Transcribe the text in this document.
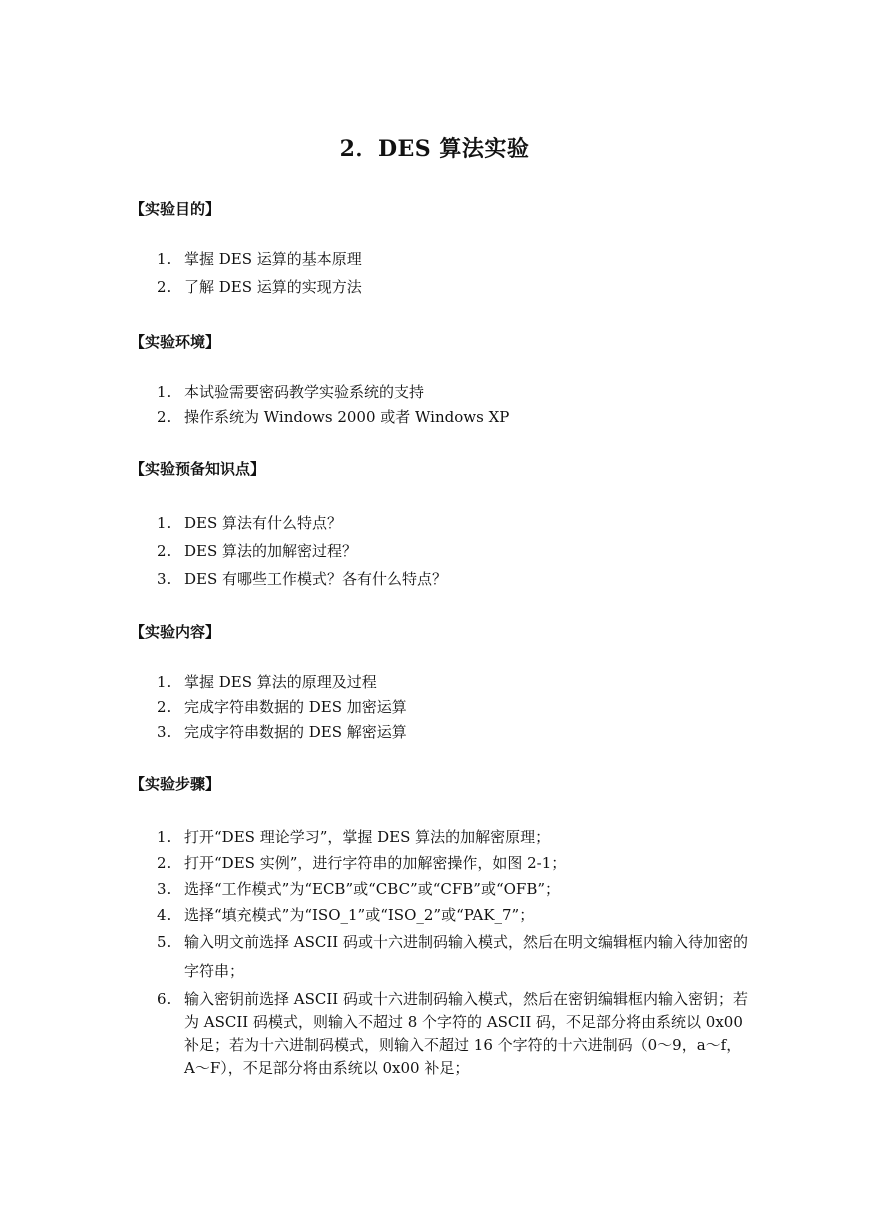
2．DES 算法实验
【实验目的】
1. 掌握 DES 运算的基本原理
2. 了解 DES 运算的实现方法
【实验环境】
1. 本试验需要密码教学实验系统的支持
2. 操作系统为 Windows 2000 或者 Windows XP
【实验预备知识点】
1. DES 算法有什么特点？
2. DES 算法的加解密过程？
3. DES 有哪些工作模式？各有什么特点？
【实验内容】
1. 掌握 DES 算法的原理及过程
2. 完成字符串数据的 DES 加密运算
3. 完成字符串数据的 DES 解密运算
【实验步骤】
1. 打开“DES 理论学习”，掌握 DES 算法的加解密原理；
2. 打开“DES 实例”，进行字符串的加解密操作，如图 2-1；
3. 选择“工作模式”为“ECB”或“CBC”或“CFB”或“OFB”；
4. 选择“填充模式”为“ISO_1”或“ISO_2”或“PAK_7”；
5. 输入明文前选择 ASCII 码或十六进制码输入模式，然后在明文编辑框内输入待加密的字符串；
6. 输入密钥前选择 ASCII 码或十六进制码输入模式，然后在密钥编辑框内输入密钥；若为 ASCII 码模式，则输入不超过 8 个字符的 ASCII 码，不足部分将由系统以 0x00 补足；若为十六进制码模式，则输入不超过 16 个字符的十六进制码（0～9，a～f，A～F），不足部分将由系统以 0x00 补足；
